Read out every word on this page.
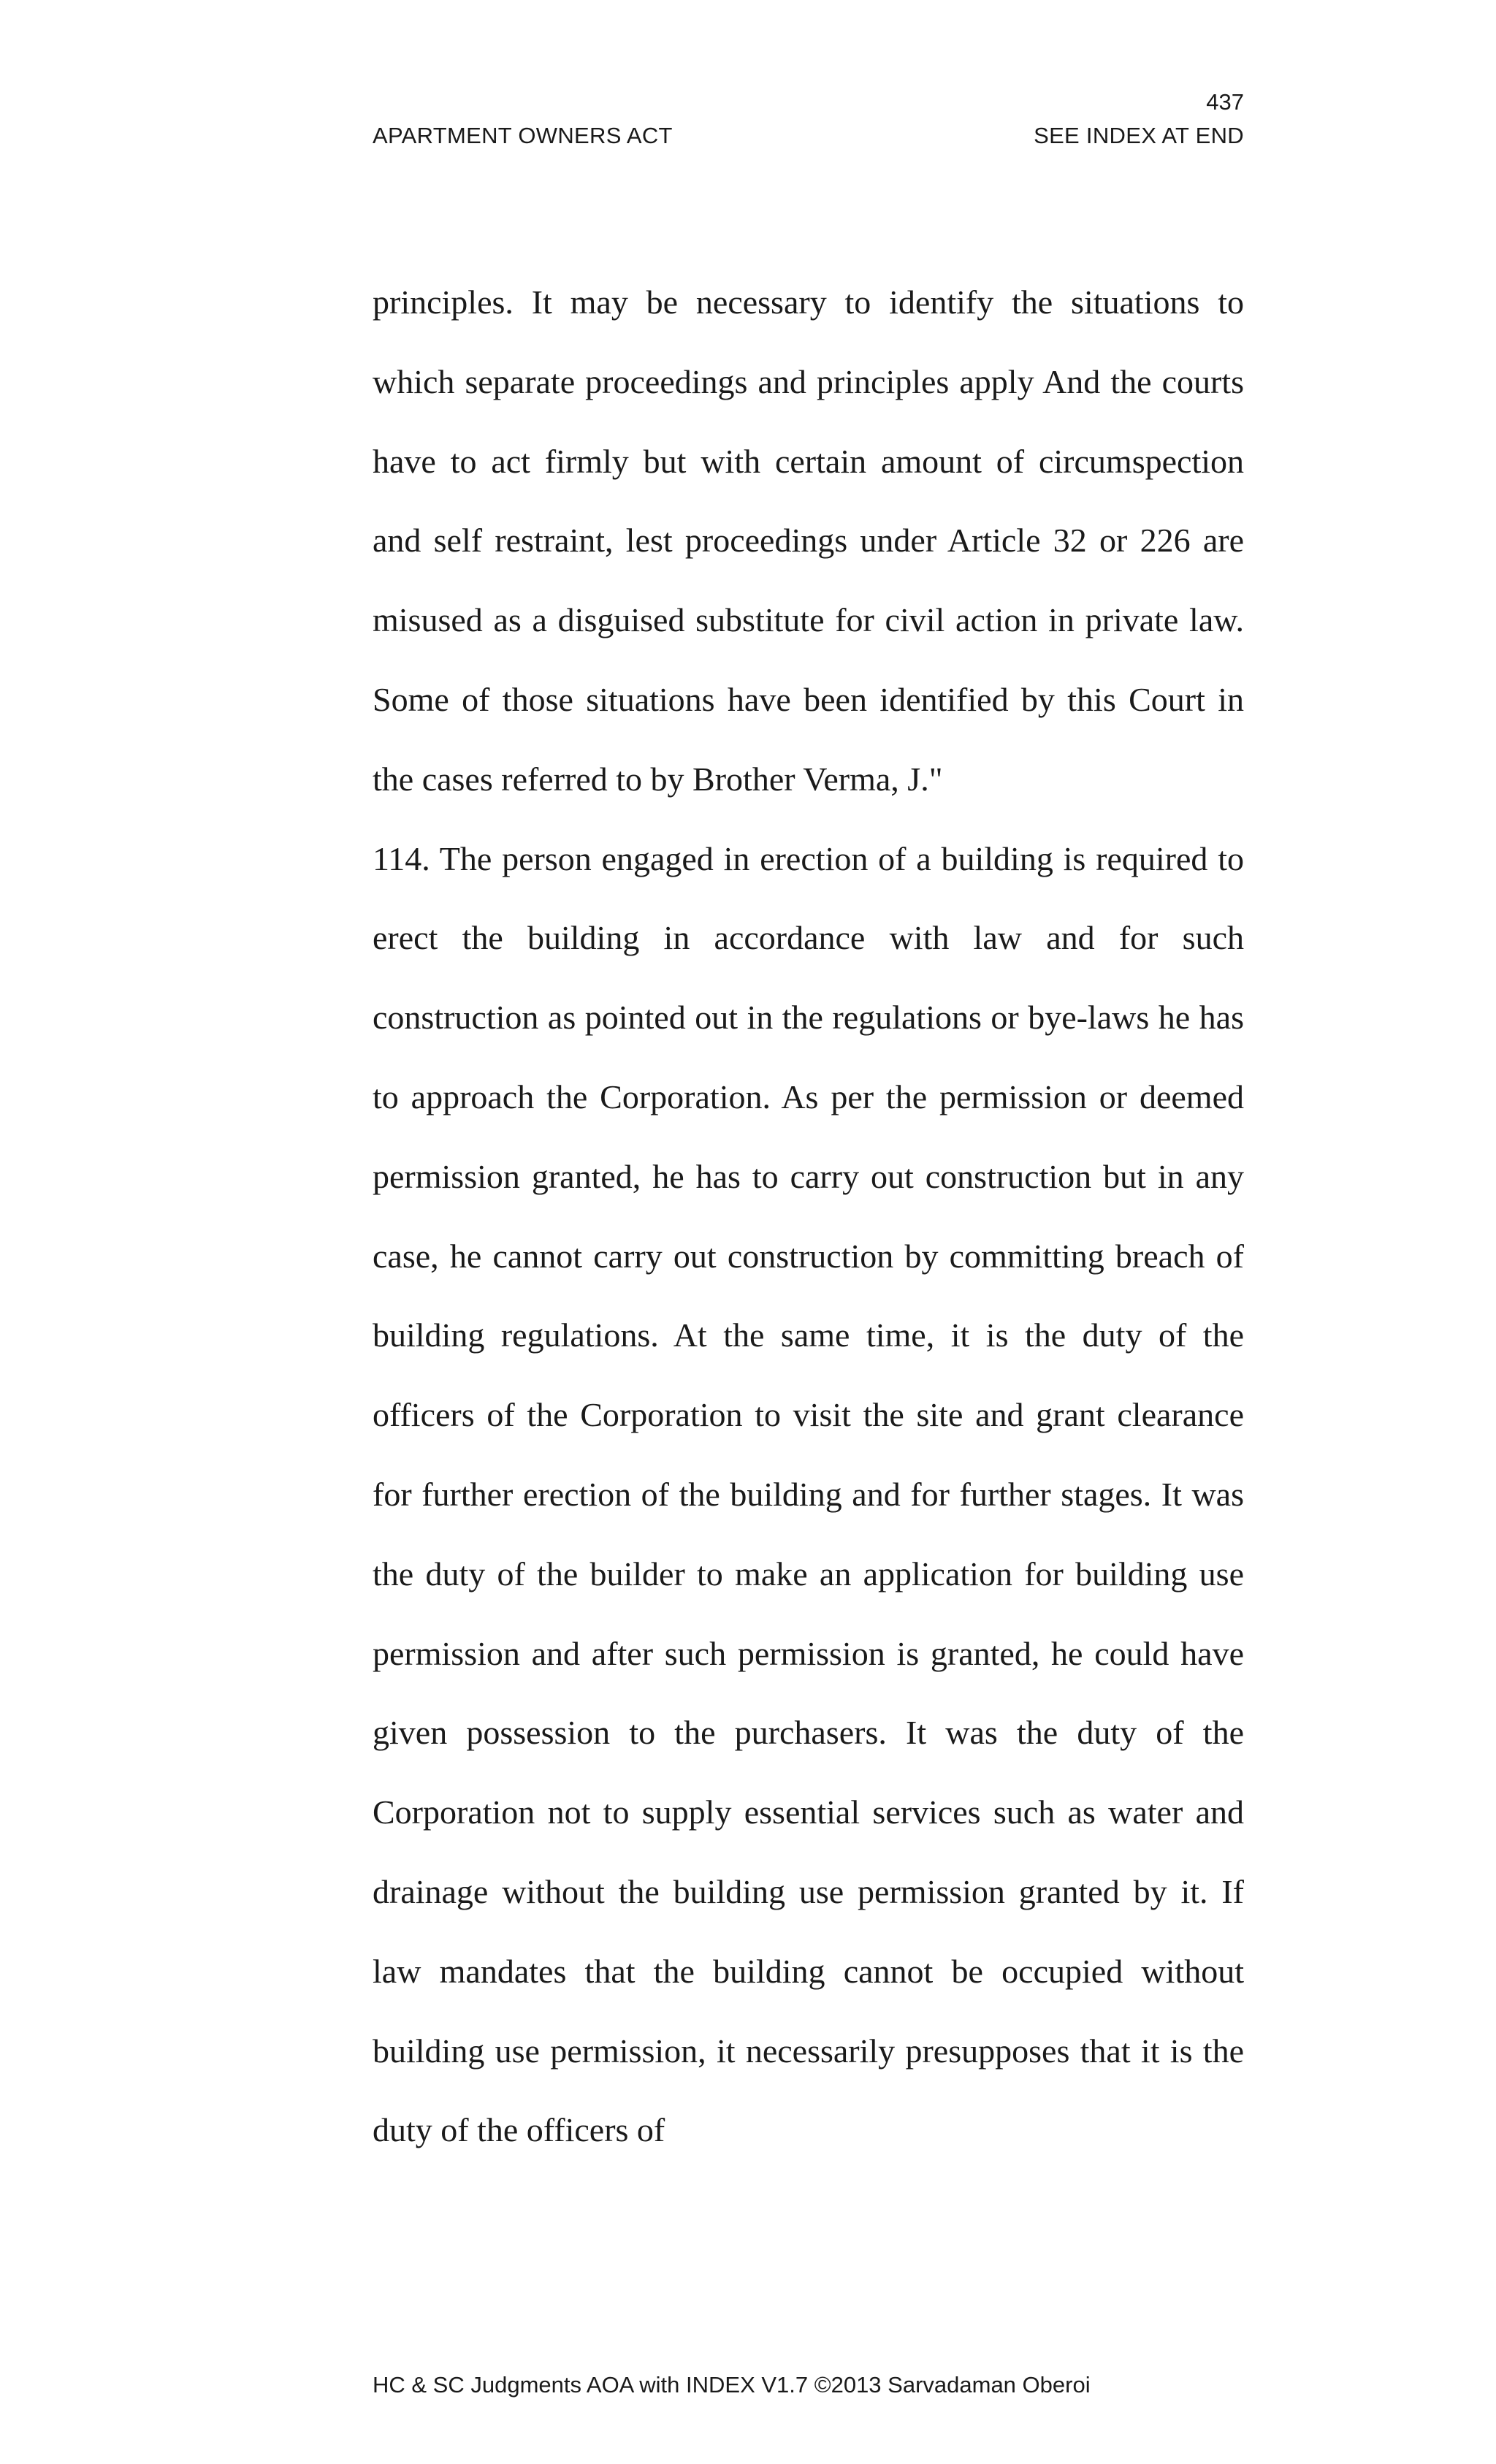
437
APARTMENT OWNERS ACT	SEE INDEX AT END

principles. It may be necessary to identify the situations to which separate proceedings and principles apply And the courts have to act firmly but with certain amount of circumspection and self restraint, lest proceedings under Article 32 or 226 are misused as a disguised substitute for civil action in private law. Some of those situations have been identified by this Court in the cases referred to by Brother Verma, J."

114. The person engaged in erection of a building is required to erect the building in accordance with law and for such construction as pointed out in the regulations or bye-laws he has to approach the Corporation. As per the permission or deemed permission granted, he has to carry out construction but in any case, he cannot carry out construction by committing breach of building regulations. At the same time, it is the duty of the officers of the Corporation to visit the site and grant clearance for further erection of the building and for further stages. It was the duty of the builder to make an application for building use permission and after such permission is granted, he could have given possession to the purchasers. It was the duty of the Corporation not to supply essential services such as water and drainage without the building use permission granted by it. If law mandates that the building cannot be occupied without building use permission, it necessarily presupposes that it is the duty of the officers of

HC & SC Judgments AOA with INDEX V1.7 ©2013 Sarvadaman Oberoi
